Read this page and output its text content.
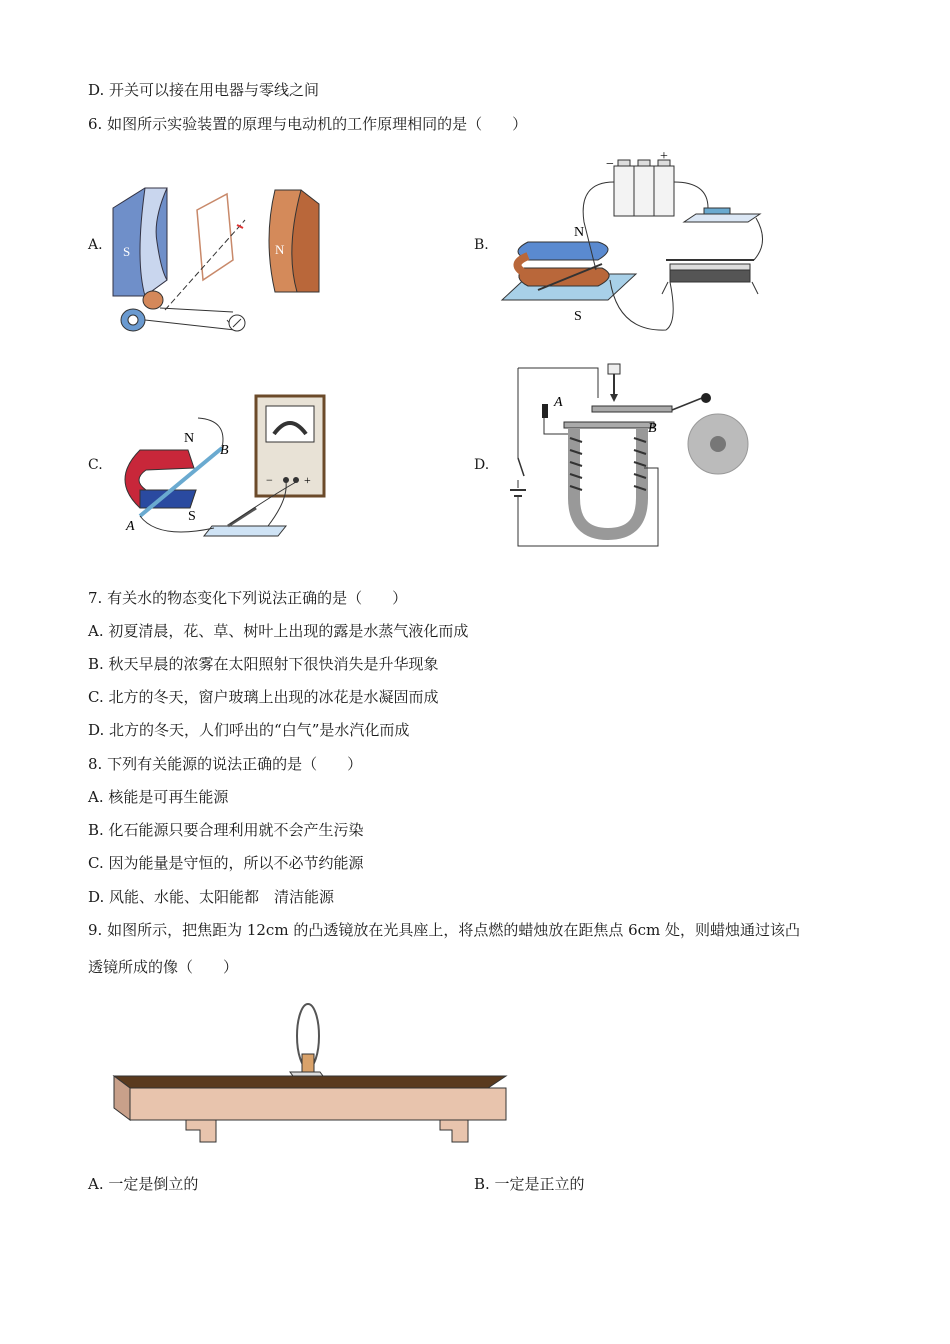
D. 开关可以接在用电器与零线之间
6. 如图所示实验装置的原理与电动机的工作原理相同的是（　　）
A.	B.
C.	D.
S	N
−
+
N
S
−	+
N
S
A
B
A
B
7. 有关水的物态变化下列说法正确的是（　　）
A. 初夏清晨，花、草、树叶上出现的露是水蒸气液化而成
B. 秋天早晨的浓雾在太阳照射下很快消失是升华现象
C. 北方的冬天，窗户玻璃上出现的冰花是水凝固而成
D. 北方的冬天，人们呼出的“白气”是水汽化而成
8. 下列有关能源的说法正确的是（　　）
A. 核能是可再生能源
B. 化石能源只要合理利用就不会产生污染
C. 因为能量是守恒的，所以不必节约能源
D. 风能、水能、太阳能都　清洁能源
9. 如图所示，把焦距为 12cm 的凸透镜放在光具座上，将点燃的蜡烛放在距焦点 6cm 处，则蜡烛通过该凸
透镜所成的像（　　）
A. 一定是倒立的	B. 一定是正立的
